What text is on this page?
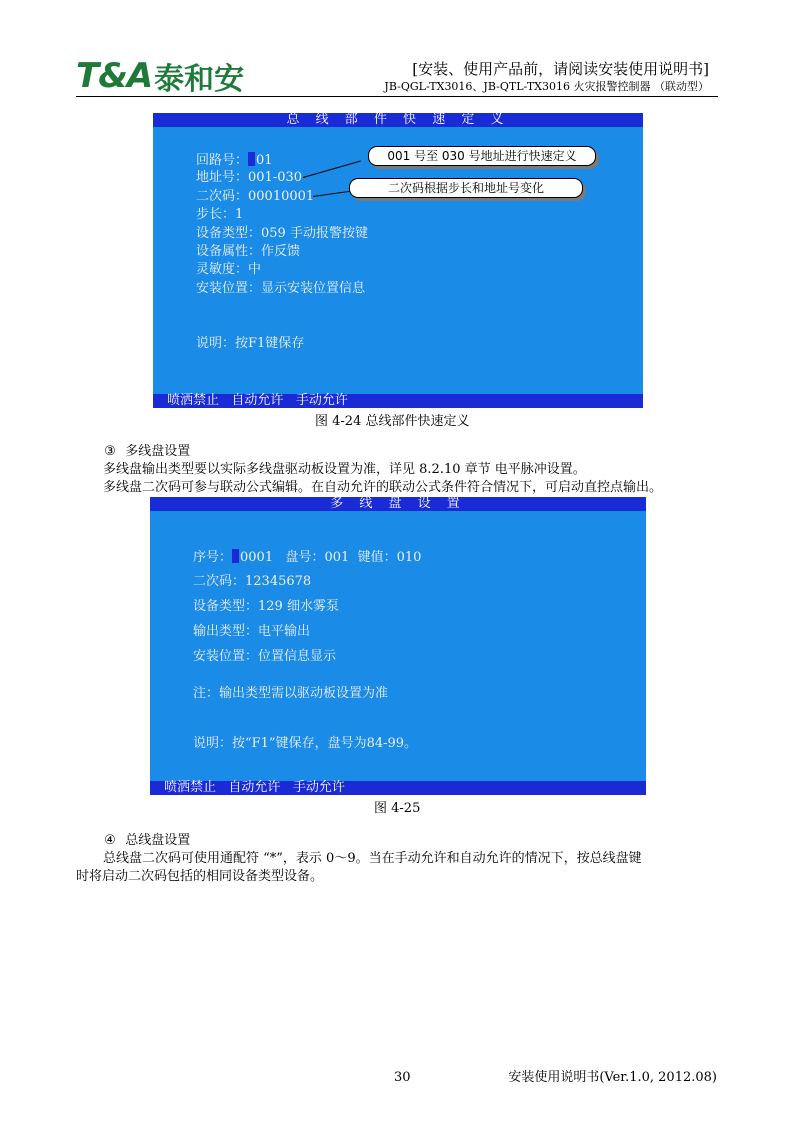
T&A 泰和安	[安装、使用产品前，请阅读安装使用说明书]
JB-QGL-TX3016、JB-QTL-TX3016 火灾报警控制器 （联动型）
总 线 部 件 快 速 定 义
回路号： 01
地址号：001-030
二次码：00010001
步长：1
设备类型：059 手动报警按键
设备属性：作反馈
灵敏度：中
安装位置：显示安装位置信息
说明：按F1键保存
喷洒禁止 自动允许 手动允许
001 号至 030 号地址进行快速定义
二次码根据步长和地址号变化
图 4-24 总线部件快速定义
③ 多线盘设置
多线盘输出类型要以实际多线盘驱动板设置为准，详见 8.2.10 章节 电平脉冲设置。
多线盘二次码可参与联动公式编辑。在自动允许的联动公式条件符合情况下，可启动直控点输出。
多 线 盘 设 置
序号： 0001 盘号：001 键值：010
二次码：12345678
设备类型：129 细水雾泵
输出类型：电平输出
安装位置：位置信息显示
注：输出类型需以驱动板设置为准
说明：按“F1”键保存，盘号为84-99。
喷洒禁止 自动允许 手动允许
图 4-25
④ 总线盘设置
总线盘二次码可使用通配符 “*”，表示 0～9。当在手动允许和自动允许的情况下，按总线盘键
时将启动二次码包括的相同设备类型设备。
30	安装使用说明书(Ver.1.0, 2012.08)
